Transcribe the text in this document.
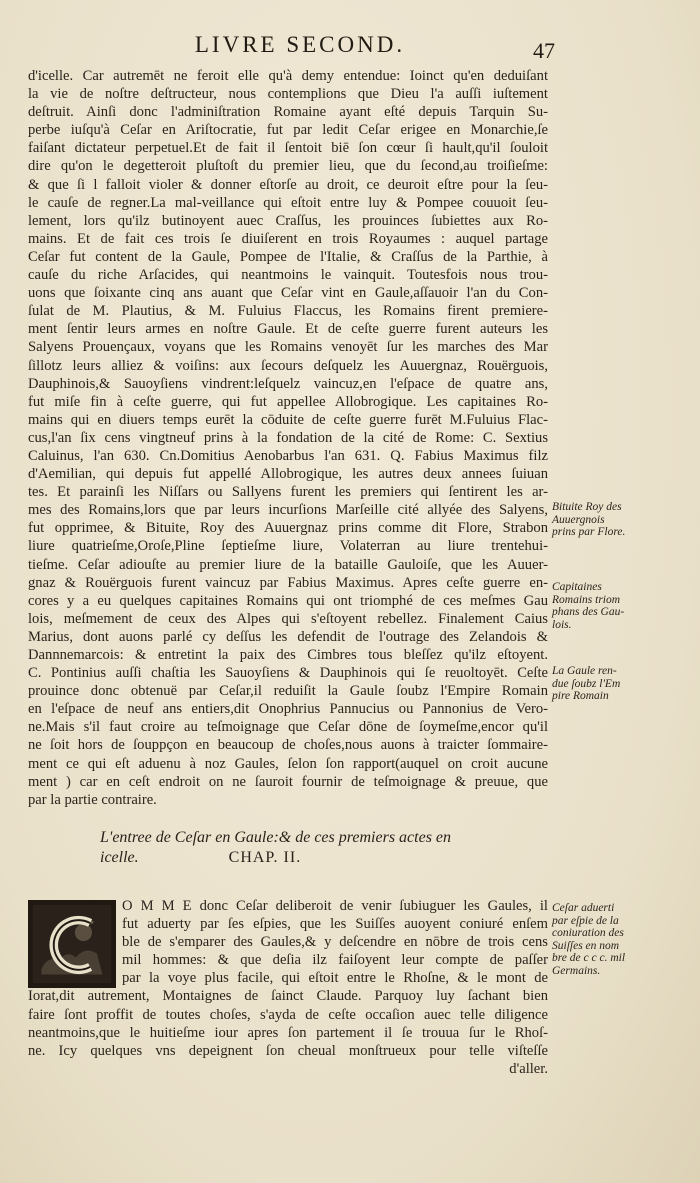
LIVRE SECOND.	47
d'icelle. Car autremēt ne feroit elle qu'à demy entendue: Ioinct qu'en deduiſant
la vie de noſtre deſtructeur, nous contemplions que Dieu l'a auſſi iuſtement
deſtruit. Ainſi donc l'adminiſtration Romaine ayant eſté depuis Tarquin Su-
perbe iuſqu'à Ceſar en Ariſtocratie, fut par ledit Ceſar erigee en Monarchie,ſe
faiſant dictateur perpetuel.Et de fait il ſentoit biē ſon cœur ſi hault,qu'il ſouloit
dire qu'on le degetteroit pluſtoſt du premier lieu, que du ſecond,au troiſieſme:
& que ſi l falloit violer & donner eſtorſe au droit, ce deuroit eſtre pour la ſeu-
le cauſe de regner.La mal-veillance qui eſtoit entre luy & Pompee couuoit ſeu-
lement, lors qu'ilz butinoyent auec Craſſus, les prouinces ſubiettes aux Ro-
mains. Et de fait ces trois ſe diuiſerent en trois Royaumes : auquel partage
Ceſar fut content de la Gaule, Pompee de l'Italie, & Craſſus de la Parthie, à
cauſe du riche Arſacides, qui neantmoins le vainquit. Toutesfois nous trou-
uons que ſoixante cinq ans auant que Ceſar vint en Gaule,aſſauoir l'an du Con-
ſulat de M. Plautius, & M. Fuluius Flaccus, les Romains firent premiere-
ment ſentir leurs armes en noſtre Gaule. Et de ceſte guerre furent auteurs les
Salyens Prouençaux, voyans que les Romains venoyēt ſur les marches des Mar
ſillotz leurs alliez & voiſins: aux ſecours deſquelz les Auuergnaz, Rouërguois,
Dauphinois,& Sauoyſiens vindrent:leſquelz vaincuz,en l'eſpace de quatre ans,
fut miſe fin à ceſte guerre, qui fut appellee Allobrogique. Les capitaines Ro-
mains qui en diuers temps eurēt la cōduite de ceſte guerre furēt M.Fuluius Flac-
cus,l'an ſix cens vingtneuf prins à la fondation de la cité de Rome: C. Sextius
Caluinus, l'an 630. Cn.Domitius Aenobarbus l'an 631. Q. Fabius Maximus filz
d'Aemilian, qui depuis fut appellé Allobrogique, les autres deux annees ſuiuan
tes. Et parainſi les Niſſars ou Sallyens furent les premiers qui ſentirent les ar-
mes des Romains,lors que par leurs incurſions Marſeille cité allyée des Salyens,
fut opprimee, & Bituite, Roy des Auuergnaz prins comme dit Flore, Strabon
liure quatrieſme,Oroſe,Pline ſeptieſme liure, Volaterran au liure trentehui-
tieſme. Ceſar adiouſte au premier liure de la bataille Gauloiſe, que les Auuer-
gnaz & Rouërguois furent vaincuz par Fabius Maximus. Apres ceſte guerre en-
cores y a eu quelques capitaines Romains qui ont triomphé de ces meſmes Gau
lois, meſmement de ceux des Alpes qui s'eſtoyent rebellez. Finalement Caius
Marius, dont auons parlé cy deſſus les defendit de l'outrage des Zelandois &
Dannnemarcois: & entretint la paix des Cimbres tous bleſſez qu'ilz eſtoyent.
C. Pontinius auſſi chaſtia les Sauoyſiens & Dauphinois qui ſe reuoltoyēt. Ceſte
prouince donc obtenuë par Ceſar,il reduiſit la Gaule ſoubz l'Empire Romain
en l'eſpace de neuf ans entiers,dit Onophrius Pannucius ou Pannonius de Vero-
ne.Mais s'il faut croire au teſmoignage que Ceſar dōne de ſoymeſme,encor qu'il
ne ſoit hors de ſouppçon en beaucoup de choſes,nous auons à traicter ſommaire-
ment ce qui eſt aduenu à noz Gaules, ſelon ſon rapport(auquel on croit aucune
ment ) car en ceſt endroit on ne ſauroit fournir de teſmoignage & preuue, que
par la partie contraire.
L'entree de Ceſar en Gaule:& de ces premiers actes en
icelle.	CHAP. II.
O M M E donc Ceſar deliberoit de venir ſubiuguer les Gaules, il
fut aduerty par ſes eſpies, que les Suiſſes auoyent coniuré enſem
ble de s'emparer des Gaules,& y deſcendre en nōbre de trois cens
mil hommes: & que deſia ilz faiſoyent leur compte de paſſer
par la voye plus facile, qui eſtoit entre le Rhoſne, & le mont de
Iorat,dit autrement, Montaignes de ſainct Claude. Parquoy luy ſachant bien
faire ſont proffit de toutes choſes, s'ayda de ceſte occaſion auec telle diligence
neantmoins,que le huitieſme iour apres ſon partement il ſe trouua ſur le Rhoſ-
ne. Icy quelques vns depeignent ſon cheual monſtrueux pour telle viſteſſe
d'aller.
Bituite Roy des
Auuergnois
prins par Flore.
Capitaines
Romains triom
phans des Gau-
lois.
La Gaule ren-
due ſoubz l'Em
pire Romain
Ceſar aduerti
par eſpie de la
coniuration des
Suiſſes en nom
bre de c c c. mil
Germains.
